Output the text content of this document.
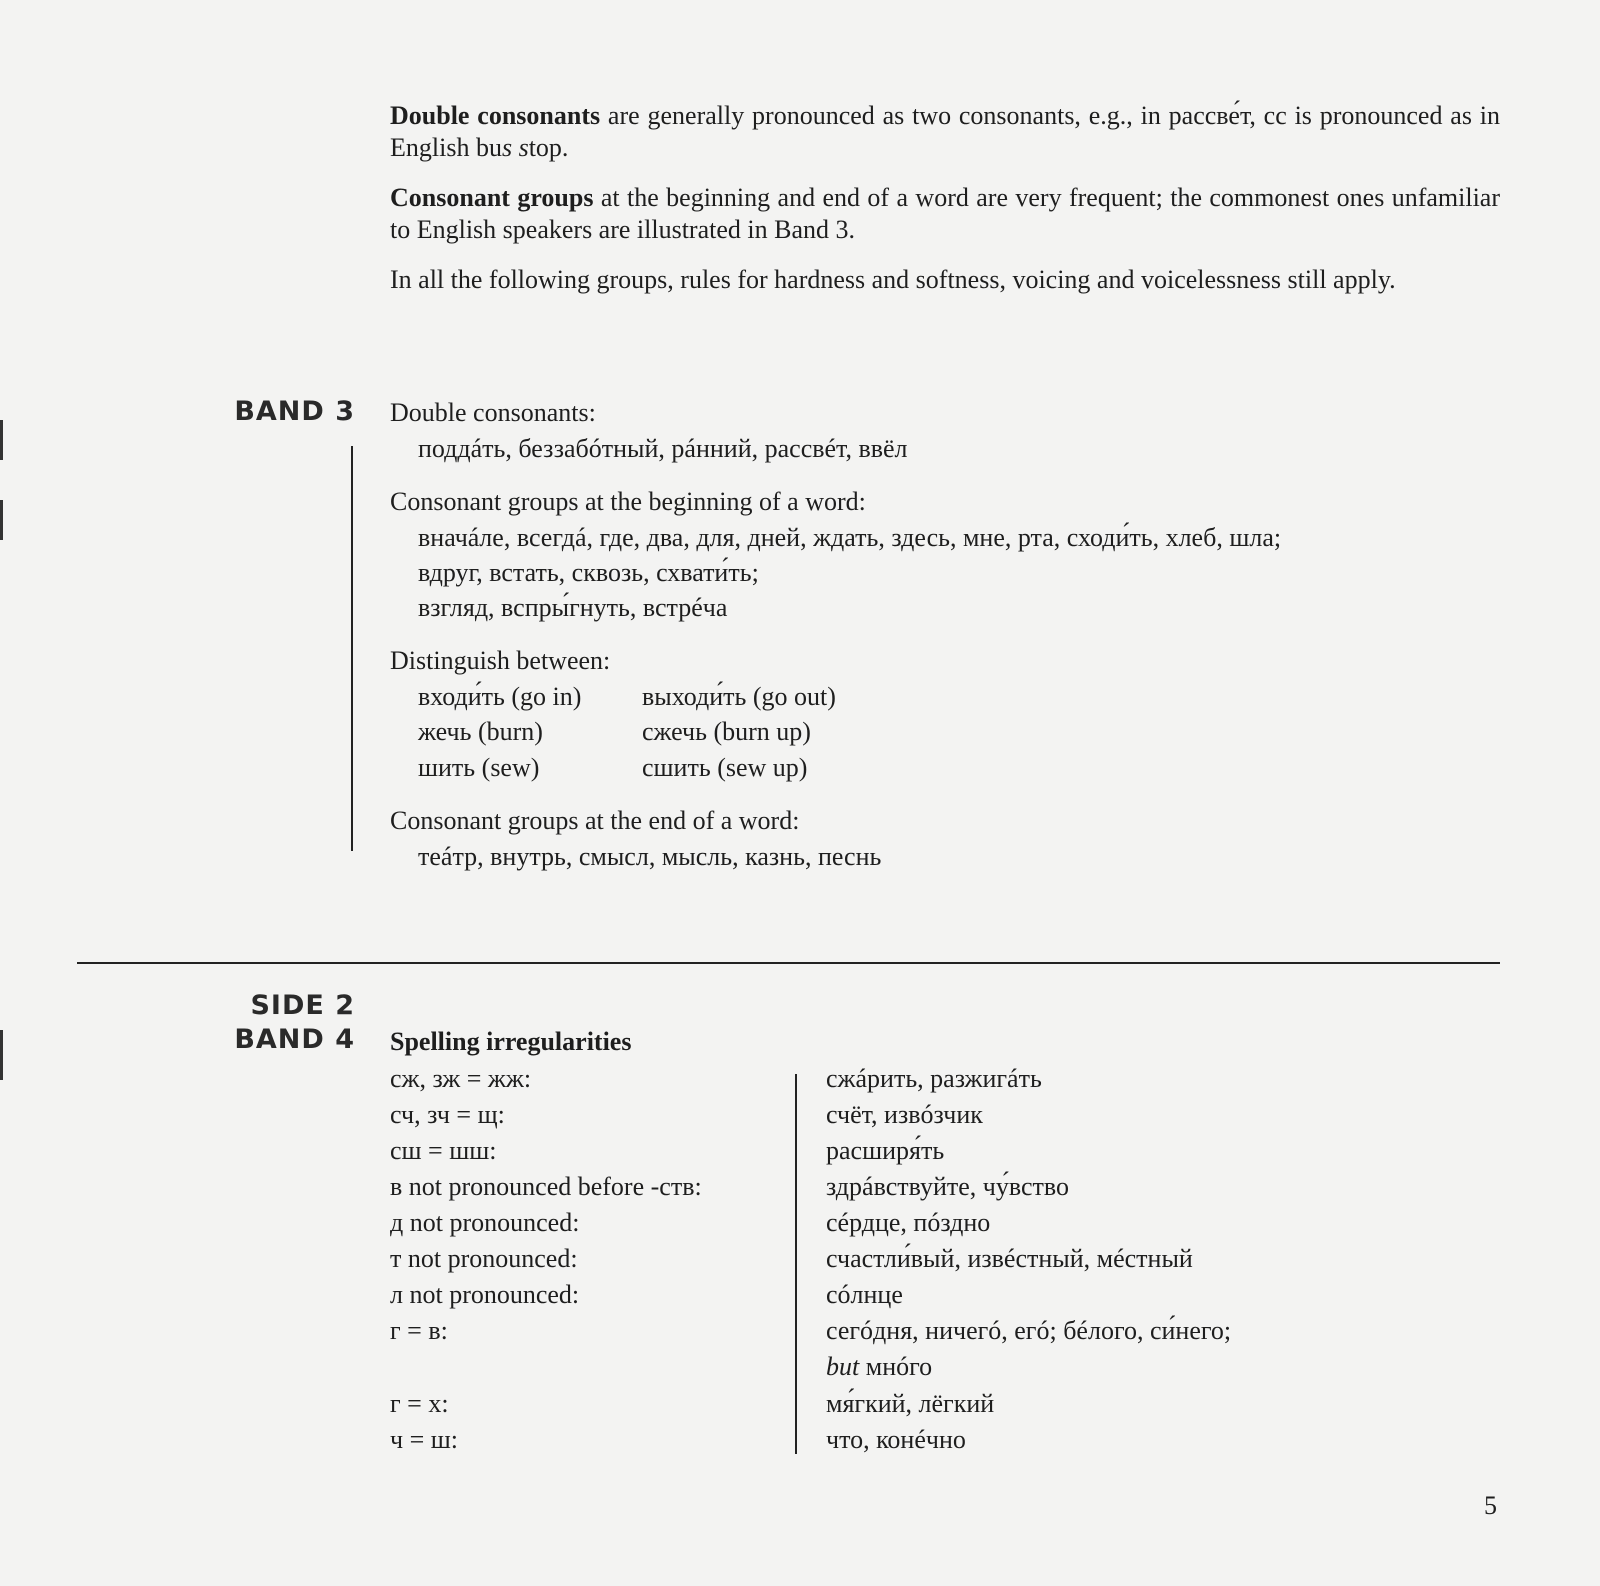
Double consonants are generally pronounced as two consonants, e.g., in рассве́т, сс is pronounced as in English bus stop.
Consonant groups at the beginning and end of a word are very frequent; the commonest ones unfamiliar to English speakers are illustrated in Band 3.
In all the following groups, rules for hardness and softness, voicing and voicelessness still apply.
BAND 3 Double consonants:
поддáть, беззабóтный, рáнний, рассвéт, ввёл
Consonant groups at the beginning of a word:
вначáле, всегдá, где, два, для, дней, ждать, здесь, мне, рта, сходи́ть, хлеб, шла;
вдруг, встать, сквозь, схвати́ть;
взгляд, вспры́гнуть, встрéча
Distinguish between:
входи́ть (go in) выходи́ть (go out)
жечь (burn)	сжечь (burn up)
шить (sew)	сшить (sew up)
Consonant groups at the end of a word:
теáтр, внутрь, смысл, мысль, казнь, песнь
SIDE 2
BAND 4 Spelling irregularities
сж, зж = жж:	сжáрить, разжигáть
сч, зч = щ:	счёт, извóзчик
сш = шш:	расширя́ть
в not pronounced before -ств:	здрáвствуйте, чу́вство
д not pronounced:	сéрдце, пóздно
т not pronounced:	счастли́вый, извéстный, мéстный
л not pronounced:	сóлнце
г = в:	сегóдня, ничегó, егó; бéлого, си́него;
but мнóго
г = х:	мя́гкий, лёгкий
ч = ш:	что, конéчно
5
